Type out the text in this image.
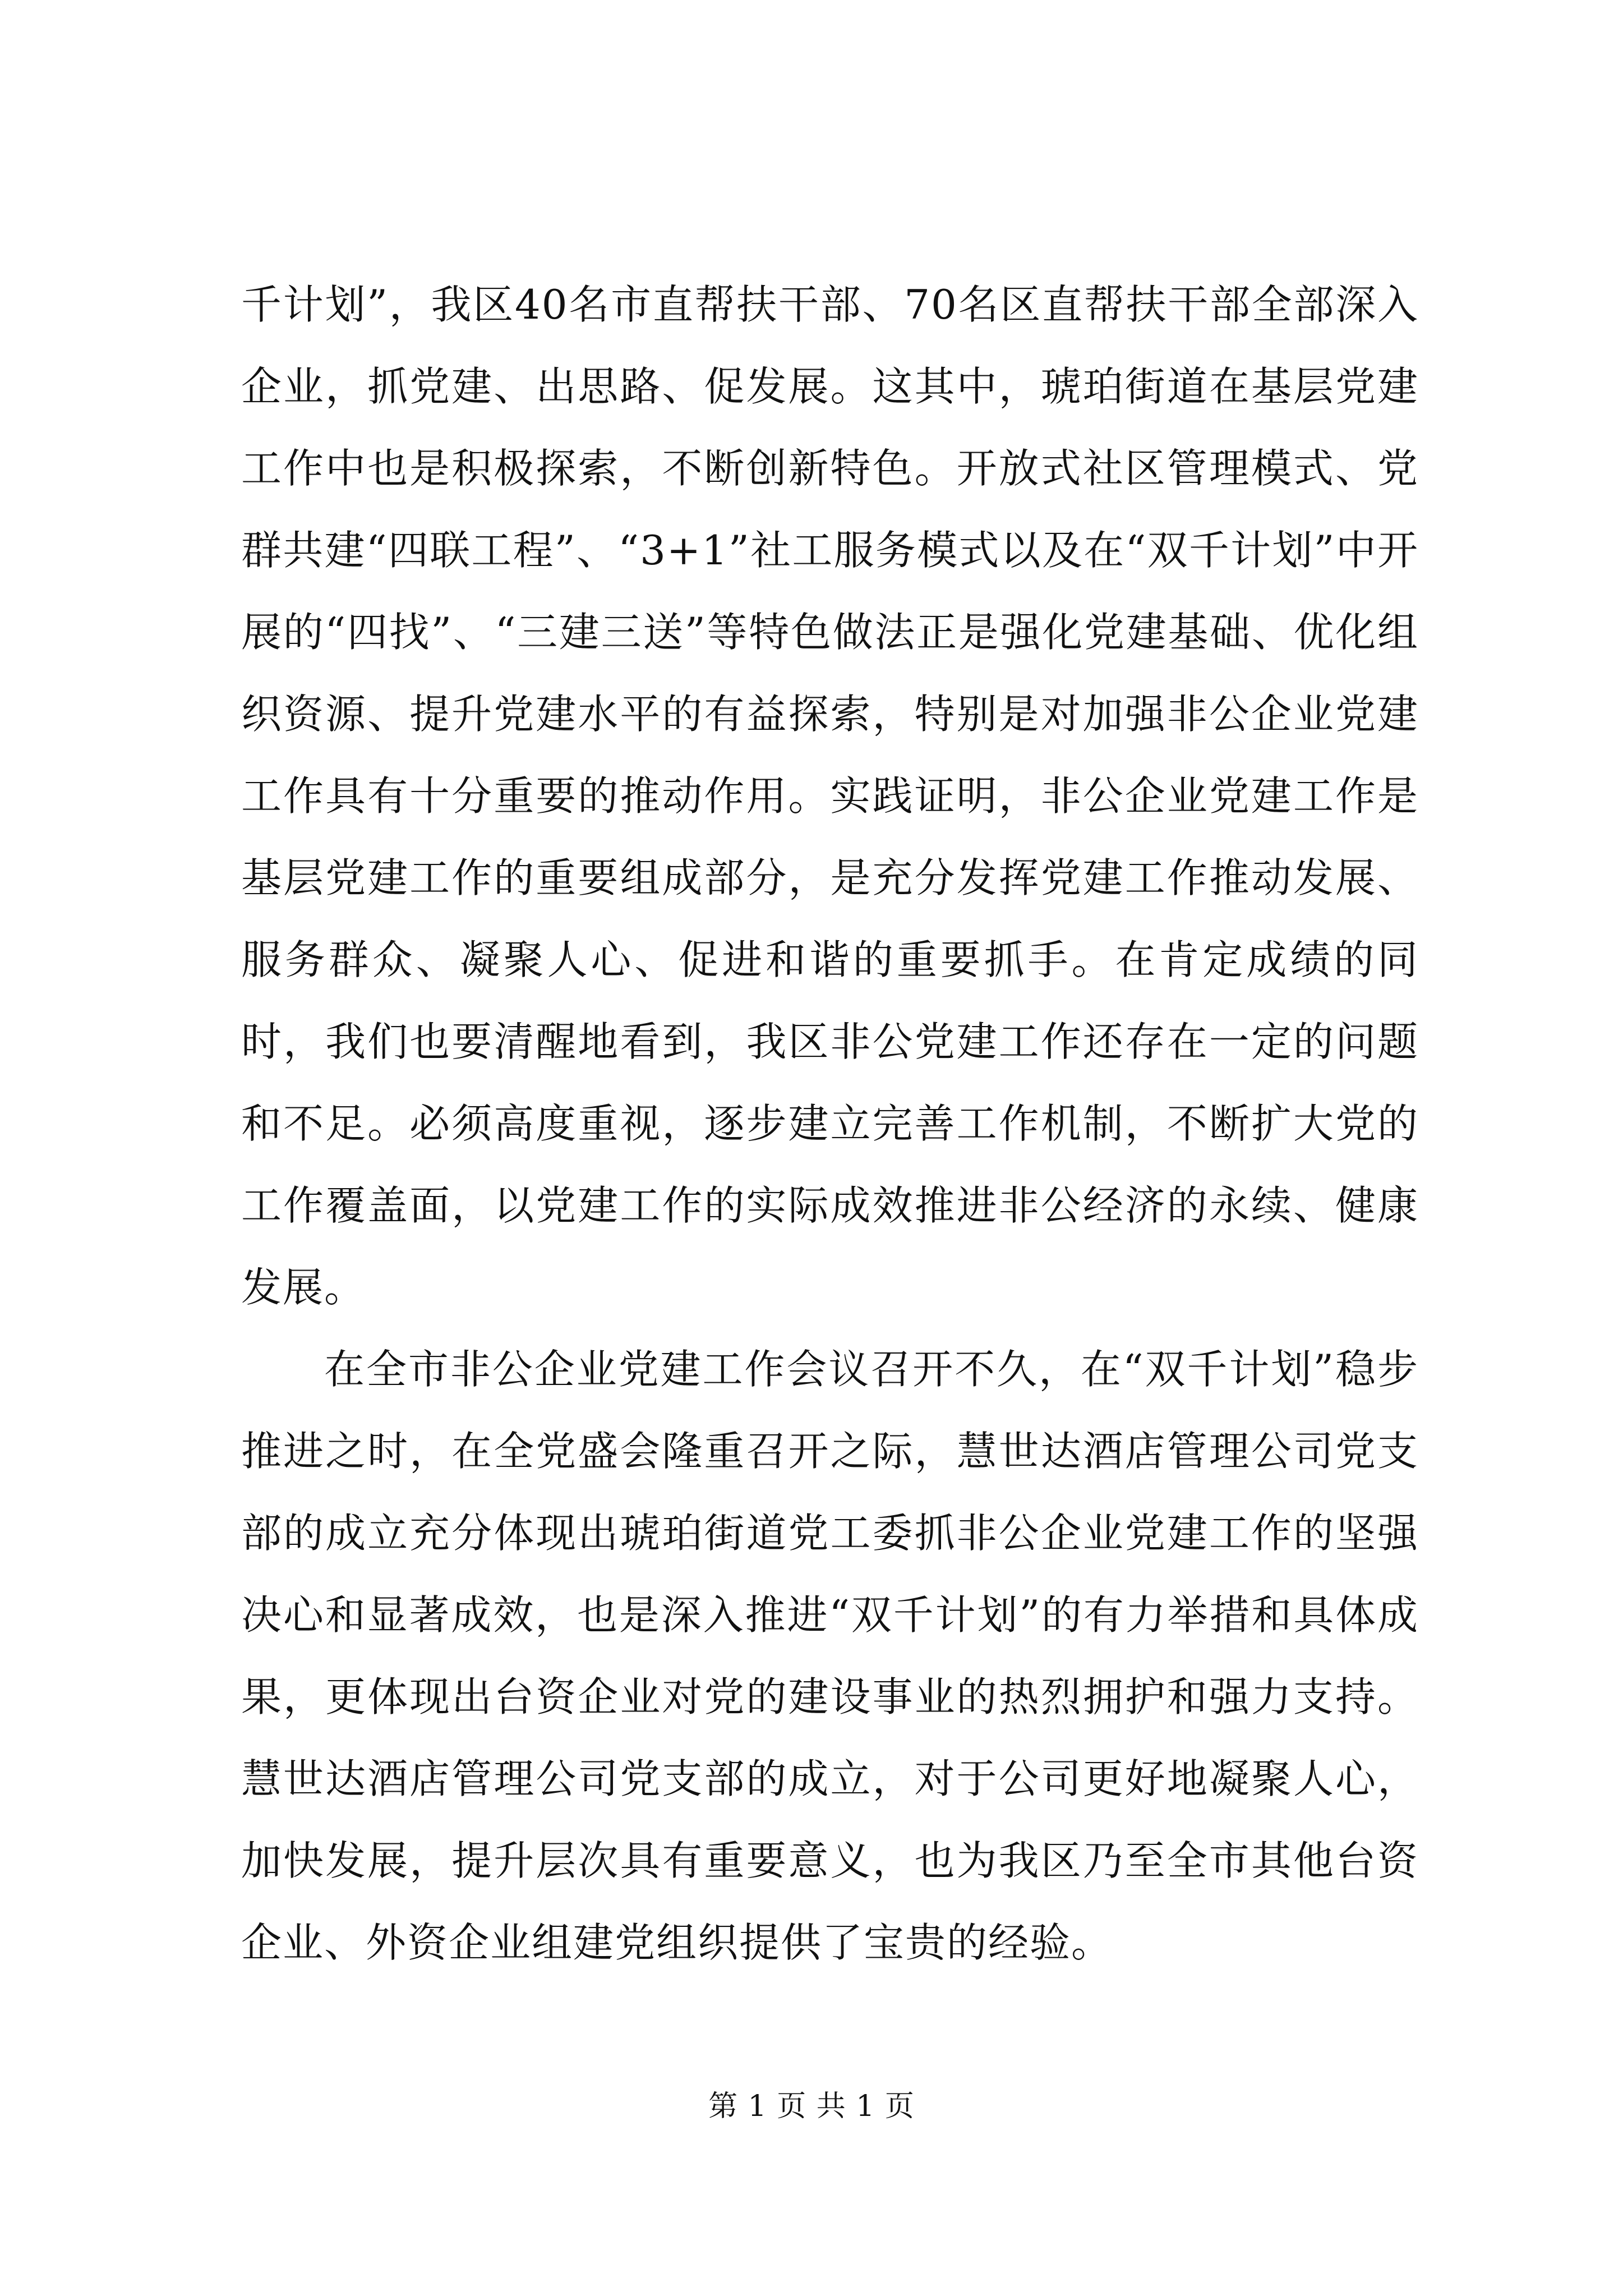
千计划”，我区40名市直帮扶干部、70名区直帮扶干部全部深入企业，抓党建、出思路、促发展。这其中，琥珀街道在基层党建工作中也是积极探索，不断创新特色。开放式社区管理模式、党群共建“四联工程”、“3+1”社工服务模式以及在“双千计划”中开展的“四找”、“三建三送”等特色做法正是强化党建基础、优化组织资源、提升党建水平的有益探索，特别是对加强非公企业党建工作具有十分重要的推动作用。实践证明，非公企业党建工作是基层党建工作的重要组成部分，是充分发挥党建工作推动发展、服务群众、凝聚人心、促进和谐的重要抓手。在肯定成绩的同时，我们也要清醒地看到，我区非公党建工作还存在一定的问题和不足。必须高度重视，逐步建立完善工作机制，不断扩大党的工作覆盖面，以党建工作的实际成效推进非公经济的永续、健康发展。

在全市非公企业党建工作会议召开不久，在“双千计划”稳步推进之时，在全党盛会隆重召开之际，慧世达酒店管理公司党支部的成立充分体现出琥珀街道党工委抓非公企业党建工作的坚强决心和显著成效，也是深入推进“双千计划”的有力举措和具体成果，更体现出台资企业对党的建设事业的热烈拥护和强力支持。慧世达酒店管理公司党支部的成立，对于公司更好地凝聚人心，加快发展，提升层次具有重要意义，也为我区乃至全市其他台资企业、外资企业组建党组织提供了宝贵的经验。

第 1 页 共 1 页
